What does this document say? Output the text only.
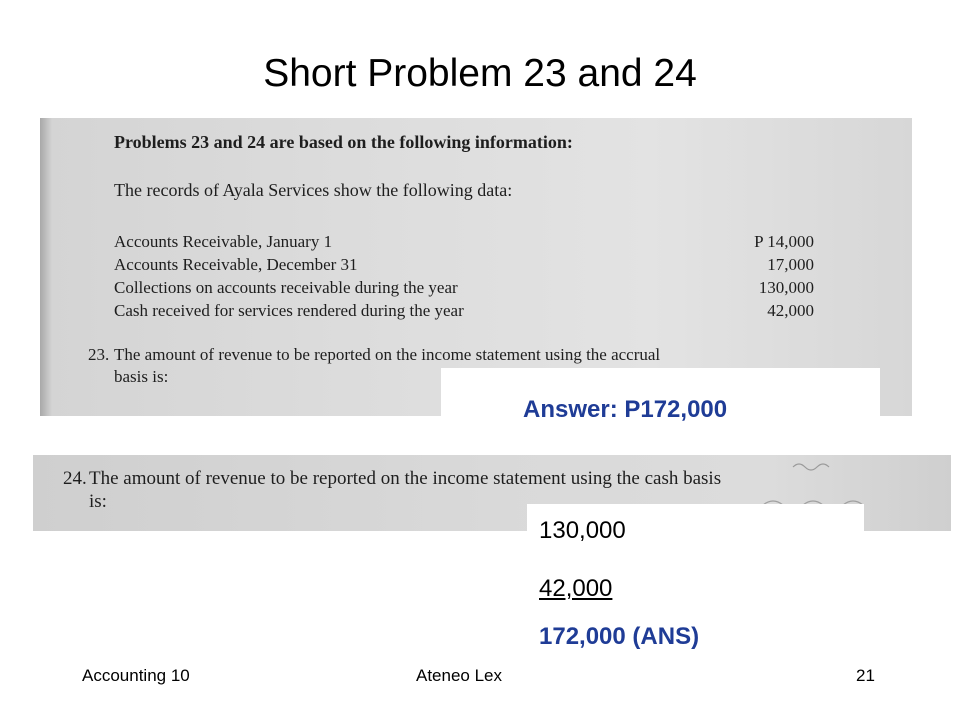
Short Problem 23 and 24
Problems 23 and 24 are based on the following information:
The records of Ayala Services show the following data:
Accounts Receivable, January 1	P 14,000
Accounts Receivable, December 31	17,000
Collections on accounts receivable during the year	130,000
Cash received for services rendered during the year	42,000
23. The amount of revenue to be reported on the income statement using the accrual
basis is:
Answer: P172,000
24. The amount of revenue to be reported on the income statement using the cash basis
is:
130,000
42,000
172,000 (ANS)
Accounting 10	Ateneo Lex	21
